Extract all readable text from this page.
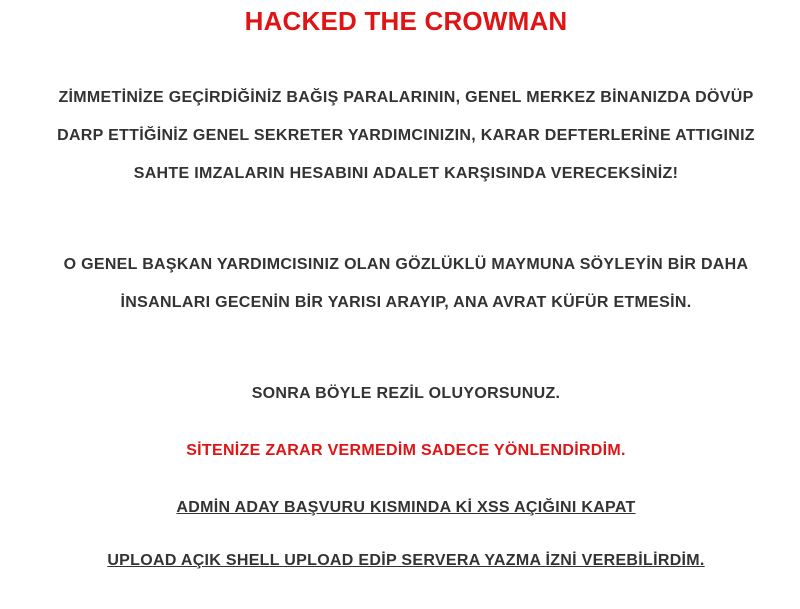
HACKED THE CROWMAN
ZİMMETİNİZE GEÇİRDİĞİNİZ BAĞIŞ PARALARININ, GENEL MERKEZ BİNANIZDA DÖVÜP DARP ETTİĞİNİZ GENEL SEKRETER YARDIMCINIZIN, KARAR DEFTERLERİNE ATTIGINIZ SAHTE IMZALARIN HESABINI ADALET KARŞISINDA VERECEKSİNİZ!
O GENEL BAŞKAN YARDIMCISINIZ OLAN GÖZLÜKLÜ MAYMUNA SÖYLEYİN BİR DAHA İNSANLARI GECENİN BİR YARISI ARAYIP, ANA AVRAT KÜFÜR ETMESİN.
SONRA BÖYLE REZİL OLUYORSUNUZ.
SİTENİZE ZARAR VERMEDİM SADECE YÖNLENDİRDİM.
ADMİN ADAY BAŞVURU KISMINDA Kİ XSS AÇIĞINI KAPAT
UPLOAD AÇIK SHELL UPLOAD EDİP SERVERA YAZMA İZNİ VEREBİLİRDİM.
